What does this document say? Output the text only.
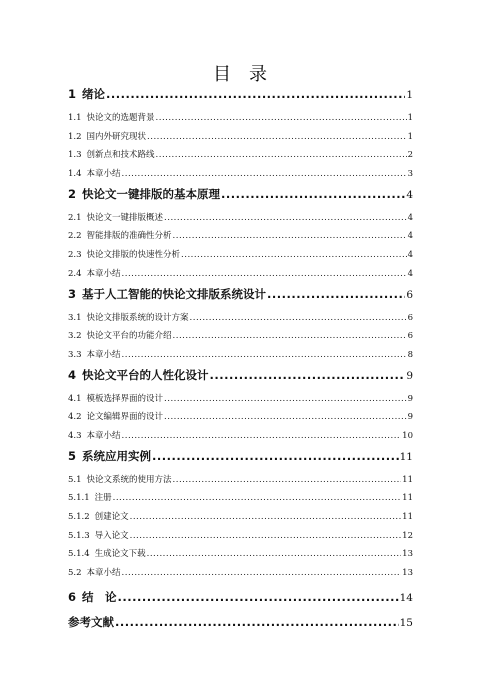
目录
1 绪论 .....	1
1.1 快论文的选题背景 .....	1
1.2 国内外研究现状 .....	1
1.3 创新点和技术路线 .....	2
1.4 本章小结 .....	3
2 快论文一键排版的基本原理 .....	4
2.1 快论文一键排版概述 .....	4
2.2 智能排版的准确性分析 .....	4
2.3 快论文排版的快速性分析 .....	4
2.4 本章小结 .....	4
3 基于人工智能的快论文排版系统设计 .....	6
3.1 快论文排版系统的设计方案 .....	6
3.2 快论文平台的功能介绍 .....	6
3.3 本章小结 .....	8
4 快论文平台的人性化设计 .....	9
4.1 模板选择界面的设计 .....	9
4.2 论文编辑界面的设计 .....	9
4.3 本章小结 .....	10
5 系统应用实例 .....	11
5.1 快论文系统的使用方法 .....	11
5.1.1 注册 .....	11
5.1.2 创建论文 .....	11
5.1.3 导入论文 .....	12
5.1.4 生成论文下载 .....	13
5.2 本章小结 .....	13
6 结　论 .....	14
参考文献 .....	15
